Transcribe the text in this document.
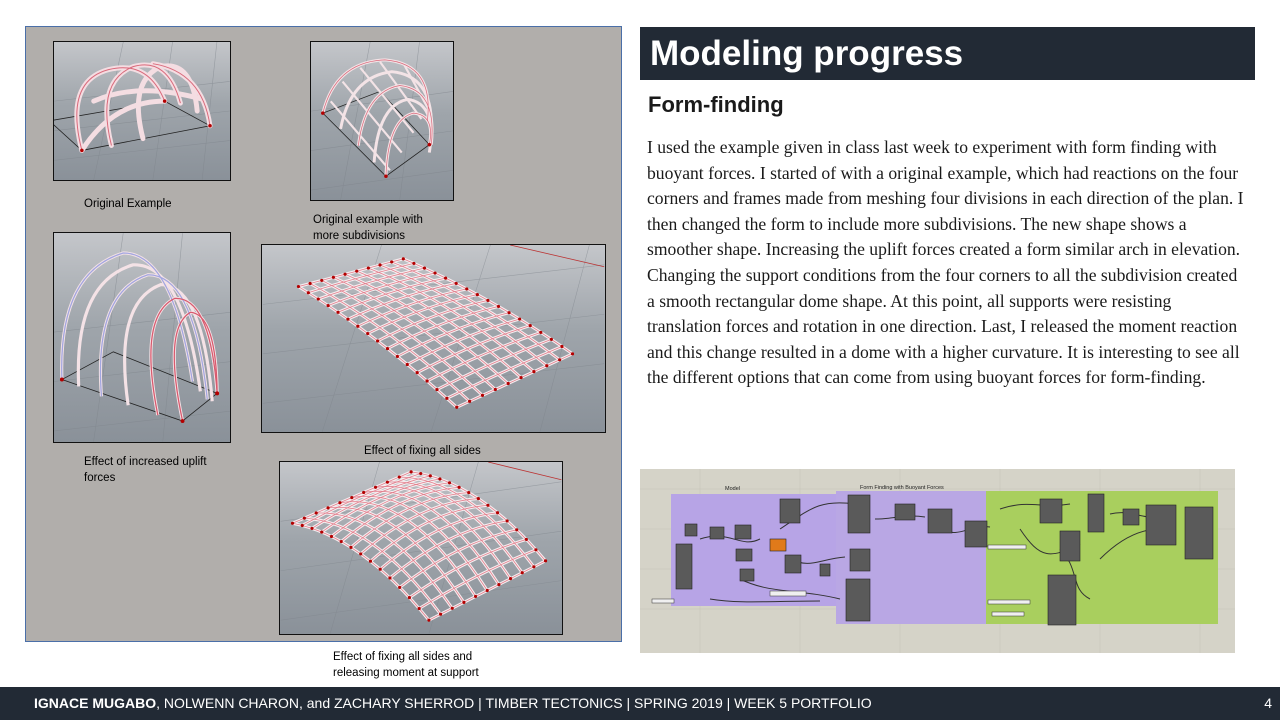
Original Example
Original example with
more subdivisions
Effect of increased uplift
forces
Effect of fixing all sides
Effect of fixing all sides and
releasing moment at support
Modeling progress
Form-finding

I used the example given in class last week to experiment with form finding with buoyant forces. I started of with a original example, which had reactions on the four corners and frames made from meshing four divisions in each direction of the plan. I then changed the form to include more subdivisions. The new shape shows a smoother shape. Increasing the uplift forces created a form similar arch in elevation. Changing the support conditions from the four corners to all the subdivision created a smooth rectangular dome shape. At this point, all supports were resisting translation forces and rotation in one direction. Last, I released the moment reaction and this change resulted in a dome with a higher curvature. It is interesting to see all the different options that can come from using buoyant forces for form-finding.

Model	Form Finding with Buoyant Forces
IGNACE MUGABO, NOLWENN CHARON, and ZACHARY SHERROD | TIMBER TECTONICS | SPRING 2019 | WEEK 5 PORTFOLIO	4
